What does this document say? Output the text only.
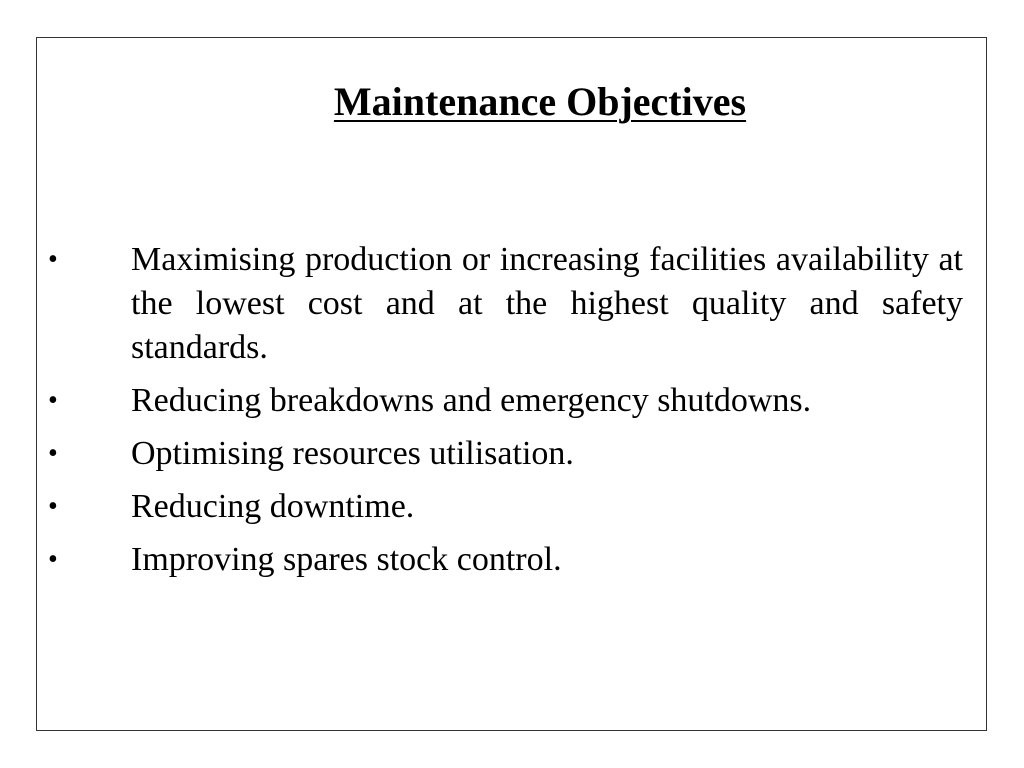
Maintenance Objectives
•	Maximising production or increasing facilities availability at the lowest cost and at the highest quality and safety standards.
•	Reducing breakdowns and emergency shutdowns.
•	Optimising resources utilisation.
•	Reducing downtime.
•	Improving spares stock control.
